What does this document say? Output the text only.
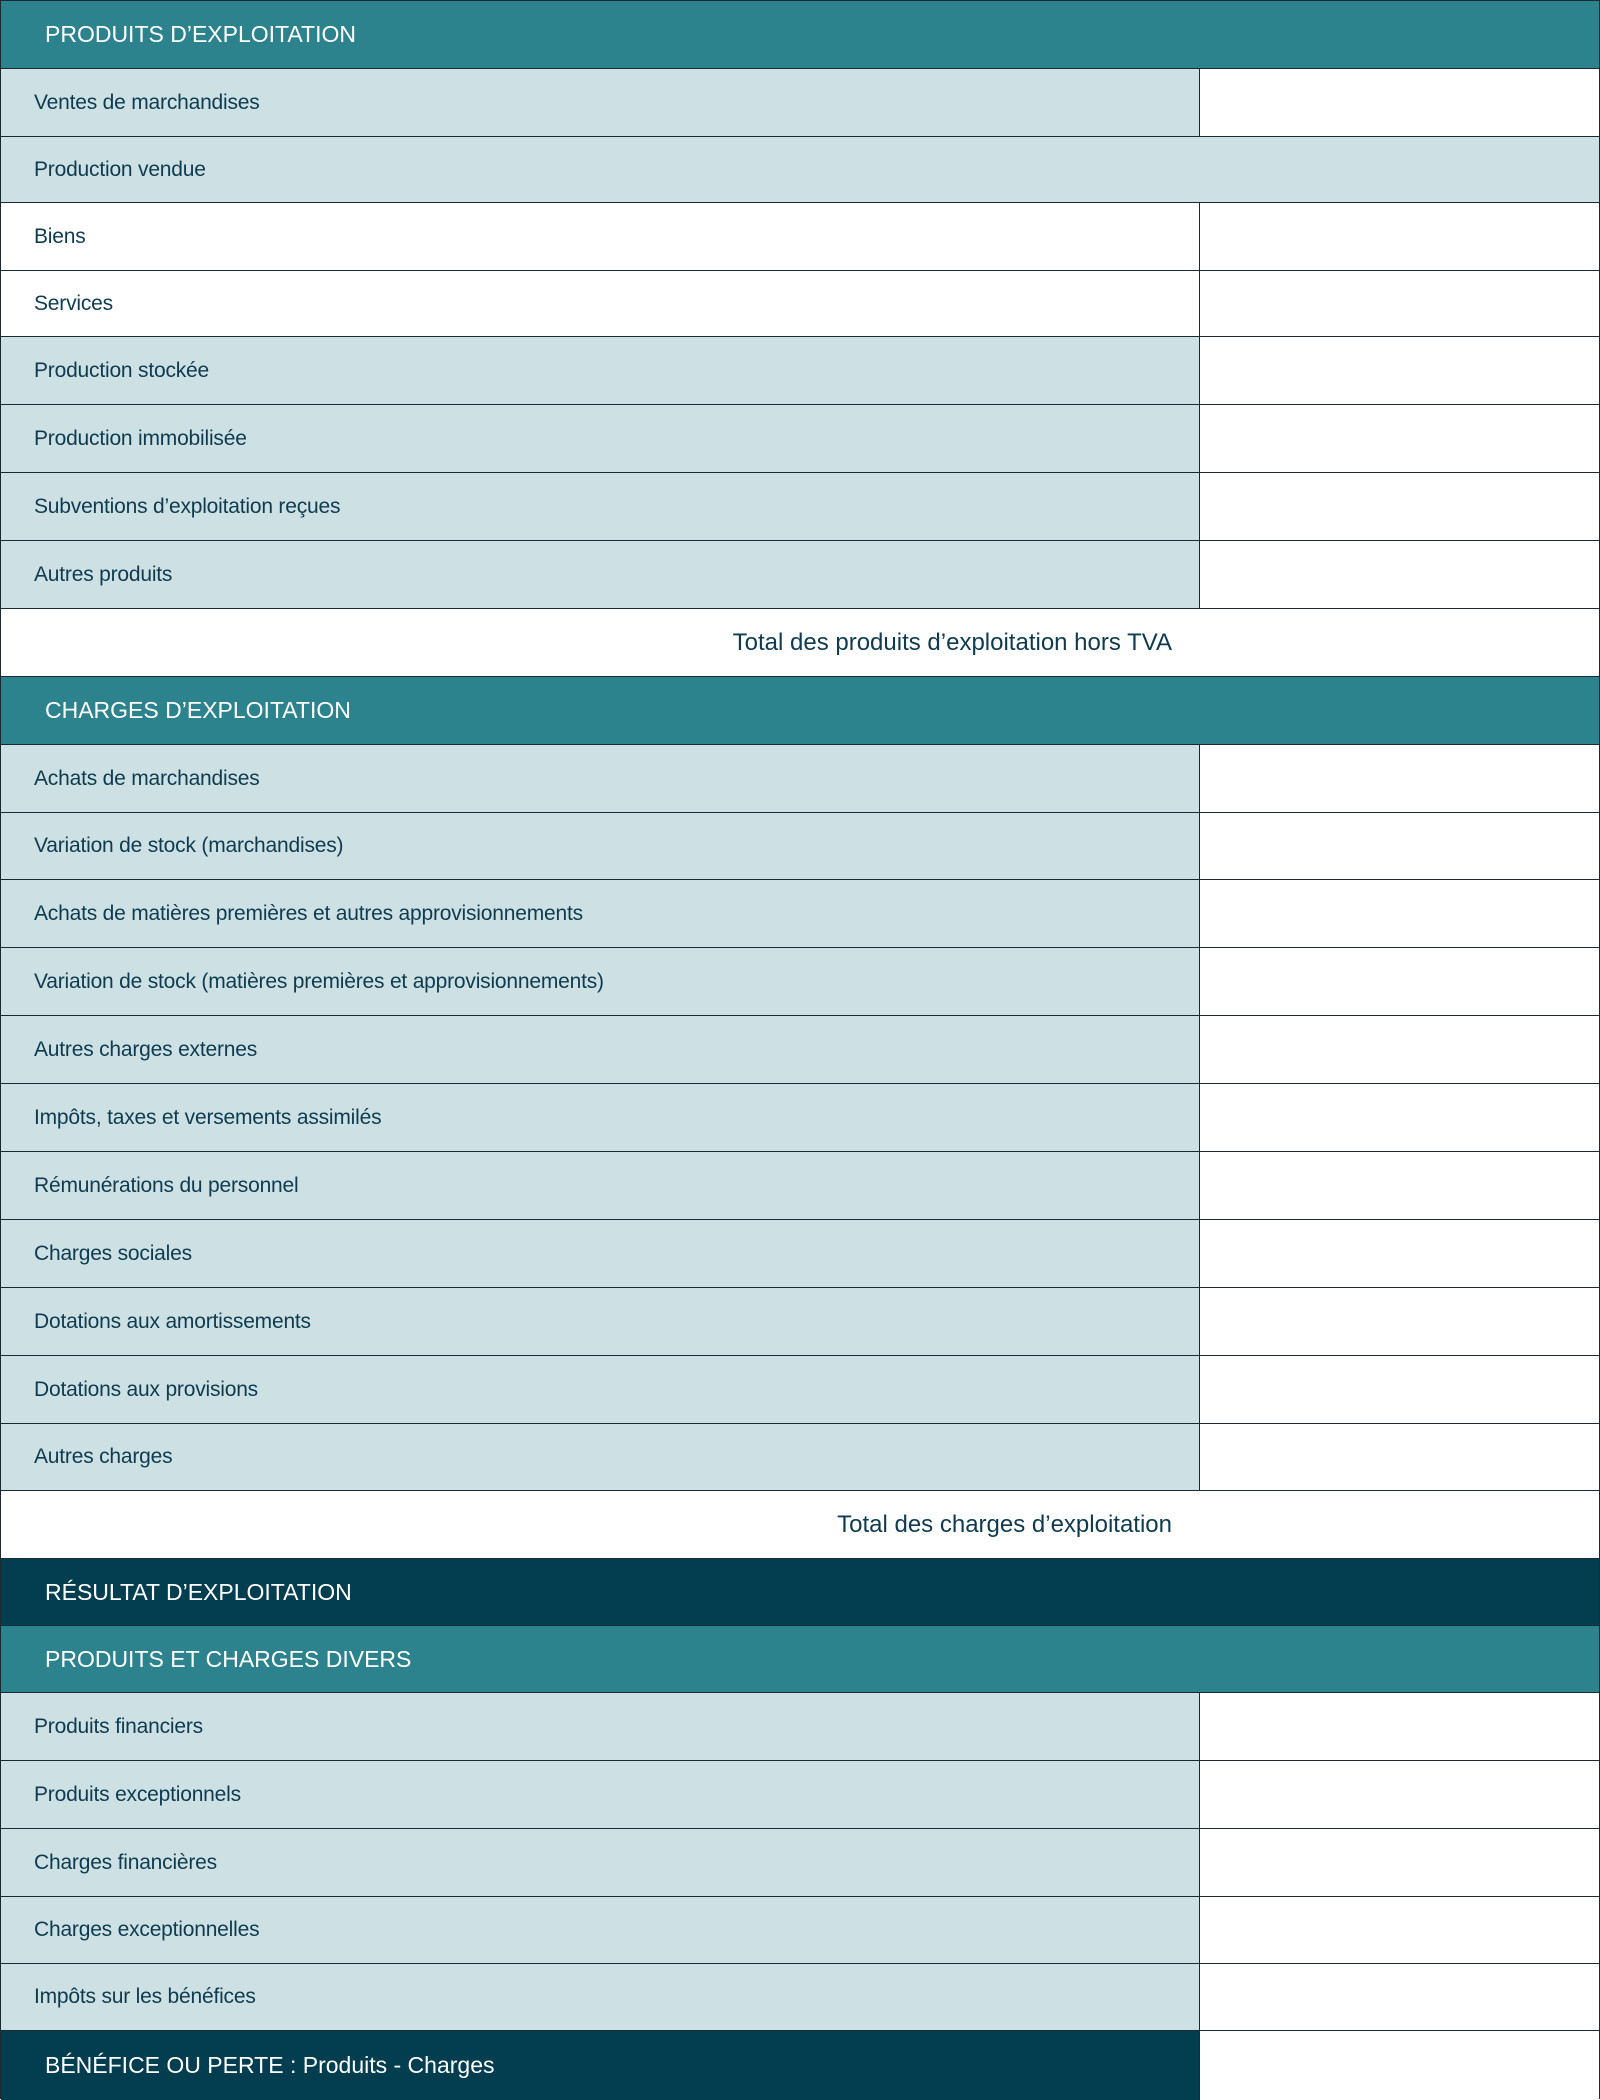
PRODUITS D’EXPLOITATION
Ventes de marchandises
Production vendue
Biens
Services
Production stockée
Production immobilisée
Subventions d’exploitation reçues
Autres produits
Total des produits d’exploitation hors TVA
CHARGES D’EXPLOITATION
Achats de marchandises
Variation de stock (marchandises)
Achats de matières premières et autres approvisionnements
Variation de stock (matières premières et approvisionnements)
Autres charges externes
Impôts, taxes et versements assimilés
Rémunérations du personnel
Charges sociales
Dotations aux amortissements
Dotations aux provisions
Autres charges
Total des charges d’exploitation
RÉSULTAT D’EXPLOITATION
PRODUITS ET CHARGES DIVERS
Produits financiers
Produits exceptionnels
Charges financières
Charges exceptionnelles
Impôts sur les bénéfices
BÉNÉFICE OU PERTE : Produits - Charges
